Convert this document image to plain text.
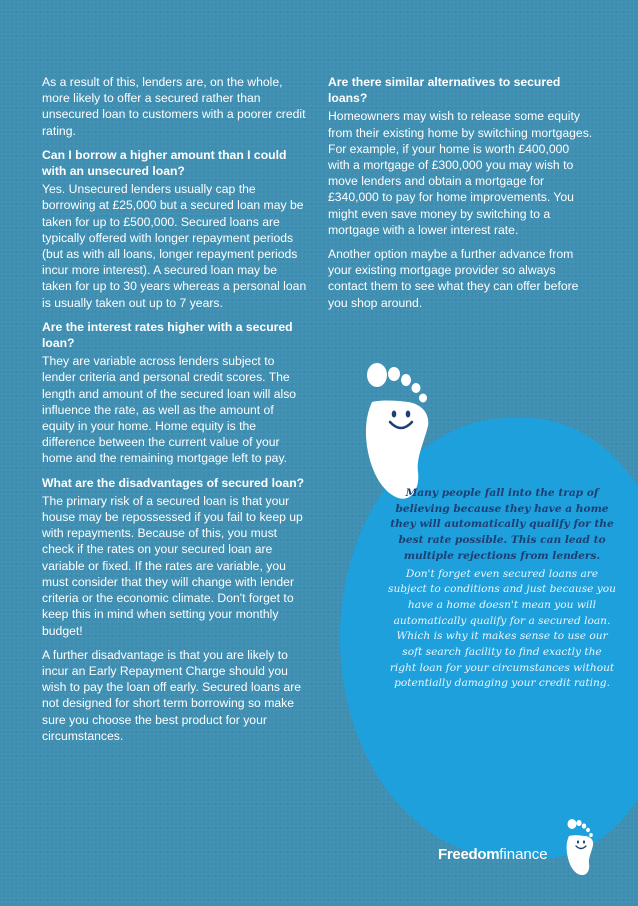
As a result of this, lenders are, on the whole, more likely to offer a secured rather than unsecured loan to customers with a poorer credit rating.

Can I borrow a higher amount than I could with an unsecured loan?

Yes. Unsecured lenders usually cap the borrowing at £25,000 but a secured loan may be taken for up to £500,000. Secured loans are typically offered with longer repayment periods (but as with all loans, longer repayment periods incur more interest). A secured loan may be taken for up to 30 years whereas a personal loan is usually taken out up to 7 years.

Are the interest rates higher with a secured loan?

They are variable across lenders subject to lender criteria and personal credit scores. The length and amount of the secured loan will also influence the rate, as well as the amount of equity in your home. Home equity is the difference between the current value of your home and the remaining mortgage left to pay.

What are the disadvantages of secured loan?

The primary risk of a secured loan is that your house may be repossessed if you fail to keep up with repayments. Because of this, you must check if the rates on your secured loan are variable or fixed. If the rates are variable, you must consider that they will change with lender criteria or the economic climate. Don't forget to keep this in mind when setting your monthly budget!

A further disadvantage is that you are likely to incur an Early Repayment Charge should you wish to pay the loan off early. Secured loans are not designed for short term borrowing so make sure you choose the best product for your circumstances.

Are there similar alternatives to secured loans?

Homeowners may wish to release some equity from their existing home by switching mortgages. For example, if your home is worth £400,000 with a mortgage of £300,000 you may wish to move lenders and obtain a mortgage for £340,000 to pay for home improvements. You might even save money by switching to a mortgage with a lower interest rate.

Another option maybe a further advance from your existing mortgage provider so always contact them to see what they can offer before you shop around.

Many people fall into the trap of believing because they have a home they will automatically qualify for the best rate possible. This can lead to multiple rejections from lenders.
Don't forget even secured loans are subject to conditions and just because you have a home doesn't mean you will automatically qualify for a secured loan. Which is why it makes sense to use our soft search facility to find exactly the right loan for your circumstances without potentially damaging your credit rating.
Freedomfinance
